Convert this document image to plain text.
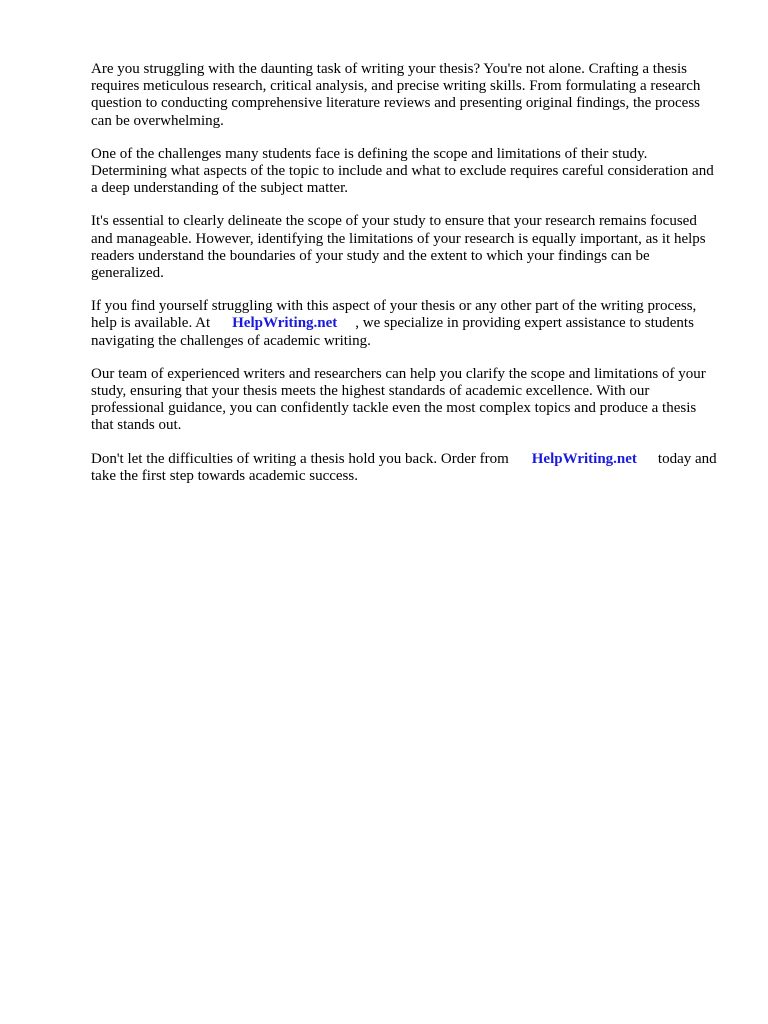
Are you struggling with the daunting task of writing your thesis? You're not alone. Crafting a thesis requires meticulous research, critical analysis, and precise writing skills. From formulating a research question to conducting comprehensive literature reviews and presenting original findings, the process can be overwhelming.

One of the challenges many students face is defining the scope and limitations of their study. Determining what aspects of the topic to include and what to exclude requires careful consideration and a deep understanding of the subject matter.

It's essential to clearly delineate the scope of your study to ensure that your research remains focused and manageable. However, identifying the limitations of your research is equally important, as it helps readers understand the boundaries of your study and the extent to which your findings can be generalized.

If you find yourself struggling with this aspect of your thesis or any other part of the writing process, help is available. At HelpWriting.net , we specialize in providing expert assistance to students navigating the challenges of academic writing.

Our team of experienced writers and researchers can help you clarify the scope and limitations of your study, ensuring that your thesis meets the highest standards of academic excellence. With our professional guidance, you can confidently tackle even the most complex topics and produce a thesis that stands out.

Don't let the difficulties of writing a thesis hold you back. Order from HelpWriting.net today and take the first step towards academic success.
